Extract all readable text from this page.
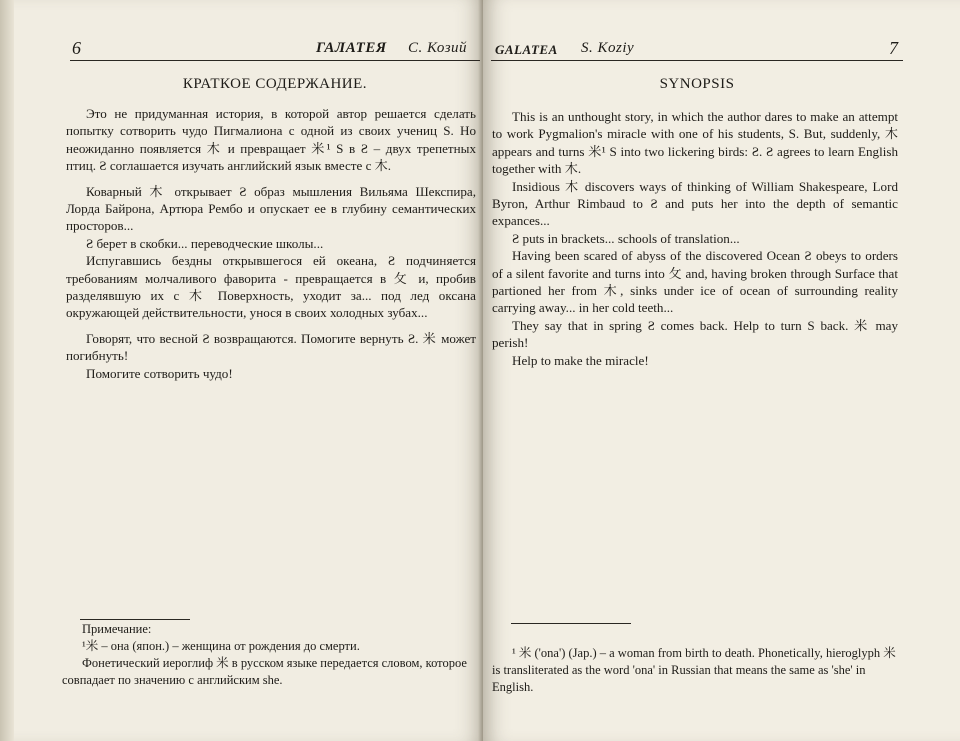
6	ГАЛАТЕЯ С. Козий
КРАТКОЕ СОДЕРЖАНИЕ.

Это не придуманная история, в которой автор решается сделать попытку сотворить чудо Пигмалиона с одной из своих учениц S. Но неожиданно появляется ⽊ и превращает ⽶¹ S в Ƨ – двух трепетных птиц. Ƨ соглашается изучать английский язык вместе с ⽊.

Коварный ⽊ открывает Ƨ образ мышления Вильяма Шекспира, Лорда Байрона, Артюра Рембо и опускает ее в глубину семантических просторов...

Ƨ берет в скобки... переводческие школы...

Испугавшись бездны открывшегося ей океана, Ƨ подчиняется требованиям молчаливого фаворита - превращается в ⺙ и, пробив разделявшую их с ⽊ Поверхность, уходит за... под лед оксана окружающей действительности, унося в своих холодных зубах...

Говорят, что весной Ƨ возвращаются. Помогите вернуть Ƨ. ⽶ может погибнуть!

Помогите сотворить чудо!

Примечание:

¹⽶ – она (япон.) – женщина от рождения до смерти.

Фонетический иероглиф ⽶ в русском языке передается словом, которое совпадает по значению с английским she.

GALATEA S. Koziy	7
SYNOPSIS

This is an unthought story, in which the author dares to make an attempt to work Pygmalion's miracle with one of his students, S. But, suddenly, ⽊ appears and turns ⽶¹ S into two lickering birds: Ƨ. Ƨ agrees to learn English together with ⽊.

Insidious ⽊ discovers ways of thinking of William Shakespeare, Lord Byron, Arthur Rimbaud to Ƨ and puts her into the depth of semantic expances...

Ƨ puts in brackets... schools of translation...

Having been scared of abyss of the discovered Ocean Ƨ obeys to orders of a silent favorite and turns into ⺙ and, having broken through Surface that partioned her from ⽊, sinks under ice of ocean of surrounding reality carrying away... in her cold teeth...

They say that in spring Ƨ comes back. Help to turn S back. ⽶ may perish!

Help to make the miracle!

¹ ⽶ ('ona') (Jap.) – a woman from birth to death. Phonetically, hieroglyph ⽶ is transliterated as the word 'ona' in Russian that means the same as 'she' in English.
